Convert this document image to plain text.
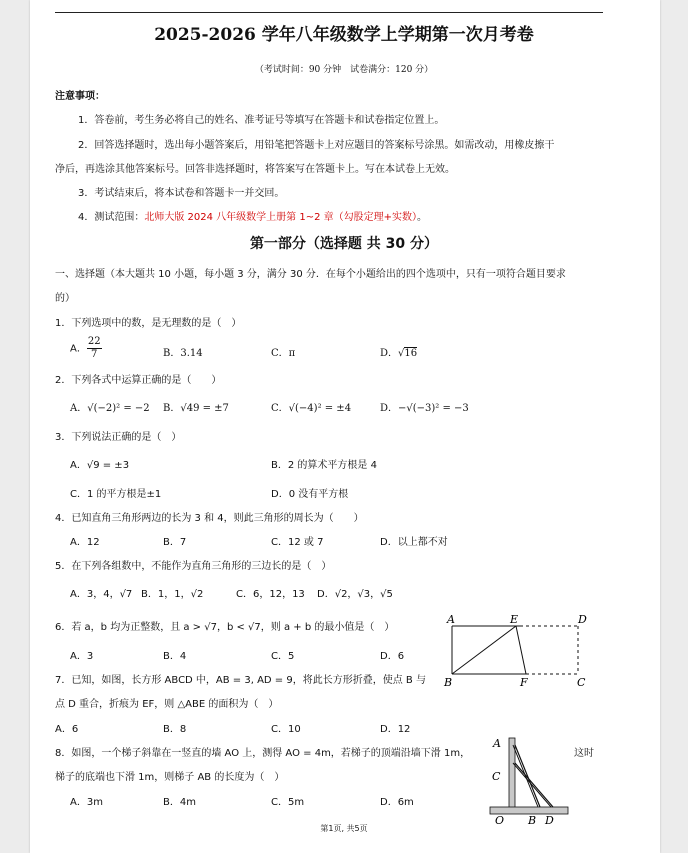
2025-2026 学年八年级数学上学期第一次月考卷
（考试时间：90 分钟　试卷满分：120 分）
注意事项：
1．答卷前，考生务必将自己的姓名、准考证号等填写在答题卡和试卷指定位置上。
2．回答选择题时，选出每小题答案后，用铅笔把答题卡上对应题目的答案标号涂黑。如需改动，用橡皮擦干
净后，再选涂其他答案标号。回答非选择题时，将答案写在答题卡上。写在本试卷上无效。
3．考试结束后，将本试卷和答题卡一并交回。
4．测试范围：北师大版 2024 八年级数学上册第 1~2 章（勾股定理+实数）。
第一部分（选择题 共 30 分）
一、选择题（本大题共 10 小题，每小题 3 分，满分 30 分．在每个小题给出的四个选项中，只有一项符合题目要求
的）
1．下列选项中的数，是无理数的是（　）
A． $\frac{22}{7}$	B．3.14	C．π	D．√16
2．下列各式中运算正确的是（　　）
A．√(−2)² = −2 B．√49 = ±7	C．√(−4)² = ±4	D．−√(−3)² = −3
3．下列说法正确的是（　）
A．√9 = ±3	B．2 的算术平方根是 4
C．1 的平方根是±1	D．0 没有平方根
4．已知直角三角形两边的长为 3 和 4，则此三角形的周长为（　　）
A．12	B．7	C．12 或 7	D．以上都不对
5．在下列各组数中，不能作为直角三角形的三边长的是（　）
A．3，4，√7 B．1，1，√2	C．6，12，13 D．√2，√3，√5
6．若 a，b 均为正整数，且 a > √7，b < √7，则 a + b 的最小值是（　）
A．3	B．4	C．5	D．6
7．已知，如图，长方形 ABCD 中，AB = 3, AD = 9，将此长方形折叠，使点 B 与
点 D 重合，折痕为 EF，则 △ABE 的面积为（　）
A．6	B．8	C．10	D．12
8．如图，一个梯子斜靠在一竖直的墙 AO 上，测得 AO = 4m，若梯子的顶端沿墙下滑 1m，	这时
梯子的底端也下滑 1m，则梯子 AB 的长度为（　）
A．3m	B．4m	C．5m	D．6m
A	E	D
B	F	C
A
C
O B D
第1页, 共5页
